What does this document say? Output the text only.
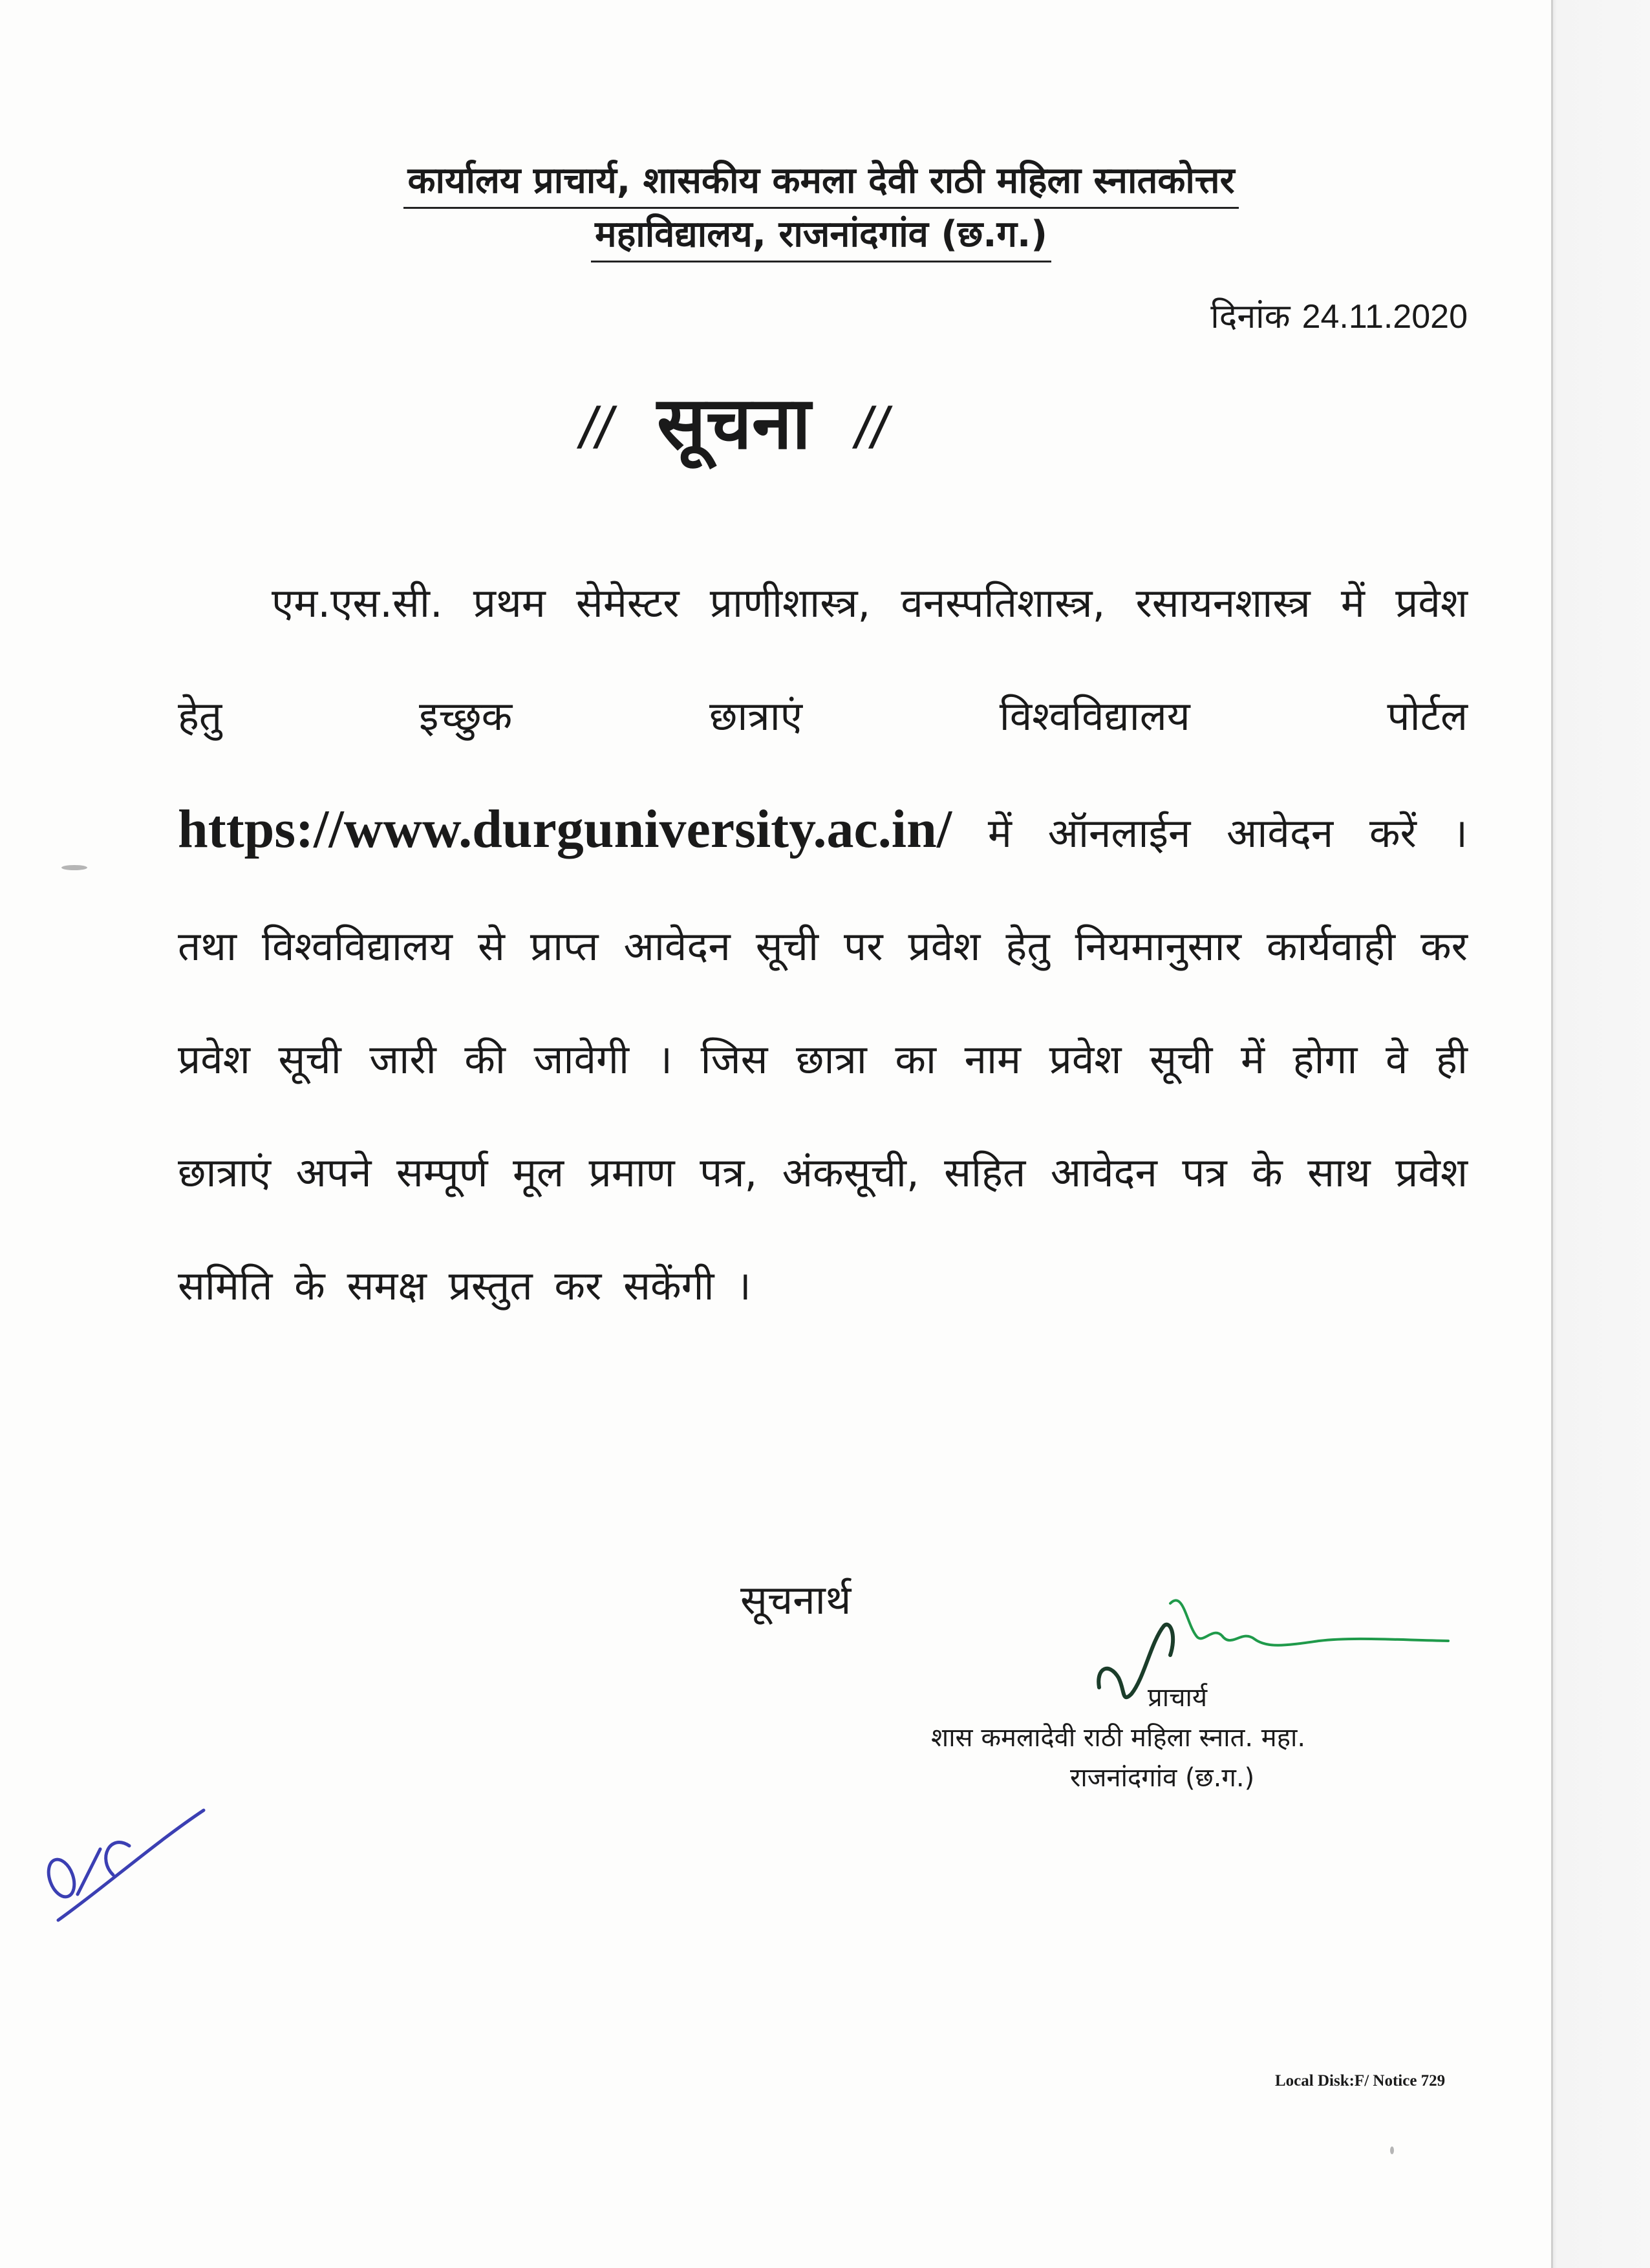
कार्यालय प्राचार्य, शासकीय कमला देवी राठी महिला स्नातकोत्तर
महाविद्यालय, राजनांदगांव (छ.ग.)
दिनांक 24.11.2020
// सूचना //
एम.एस.सी. प्रथम सेमेस्टर प्राणीशास्त्र, वनस्पतिशास्त्र, रसायनशास्त्र में प्रवेश हेतु इच्छुक छात्राएं विश्वविद्यालय पोर्टल https://www.durguniversity.ac.in/ में ऑनलाईन आवेदन करें । तथा विश्वविद्यालय से प्राप्त आवेदन सूची पर प्रवेश हेतु नियमानुसार कार्यवाही कर प्रवेश सूची जारी की जावेगी । जिस छात्रा का नाम प्रवेश सूची में होगा वे ही छात्राएं अपने सम्पूर्ण मूल प्रमाण पत्र, अंकसूची, सहित आवेदन पत्र के साथ प्रवेश समिति के समक्ष प्रस्तुत कर सकेंगी ।
सूचनार्थ
प्राचार्य
शास कमलादेवी राठी महिला स्नात. महा.
राजनांदगांव (छ.ग.)
Local Disk:F/ Notice 729
